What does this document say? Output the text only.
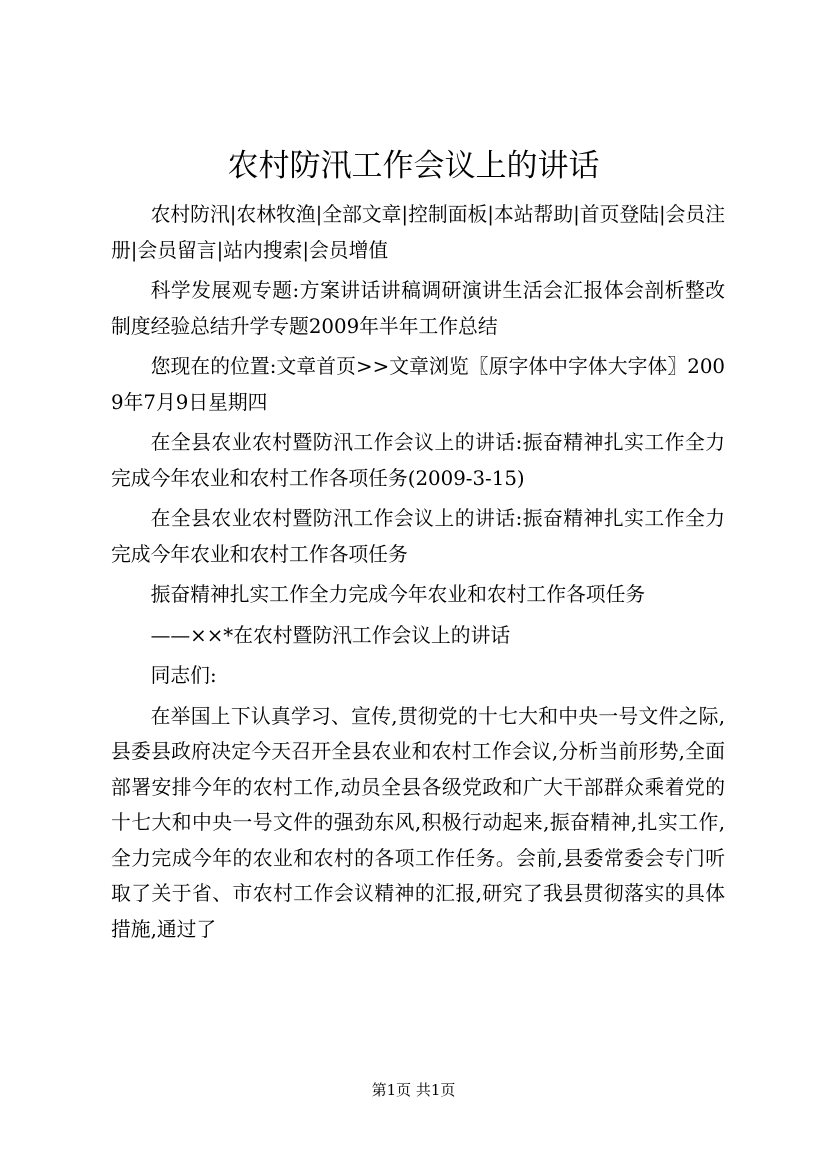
农村防汛工作会议上的讲话

农村防汛|农林牧渔|全部文章|控制面板|本站帮助|首页登陆|会员注册|会员留言|站内搜索|会员增值

科学发展观专题:方案讲话讲稿调研演讲生活会汇报体会剖析整改制度经验总结升学专题2009年半年工作总结

您现在的位置:文章首页>>文章浏览〖原字体中字体大字体〗2009年7月9日星期四

在全县农业农村暨防汛工作会议上的讲话:振奋精神扎实工作全力完成今年农业和农村工作各项任务(2009-3-15)

在全县农业农村暨防汛工作会议上的讲话:振奋精神扎实工作全力完成今年农业和农村工作各项任务

振奋精神扎实工作全力完成今年农业和农村工作各项任务

——××*在农村暨防汛工作会议上的讲话

同志们:

在举国上下认真学习、宣传,贯彻党的十七大和中央一号文件之际,县委县政府决定今天召开全县农业和农村工作会议,分析当前形势,全面部署安排今年的农村工作,动员全县各级党政和广大干部群众乘着党的十七大和中央一号文件的强劲东风,积极行动起来,振奋精神,扎实工作,全力完成今年的农业和农村的各项工作任务。会前,县委常委会专门听取了关于省、市农村工作会议精神的汇报,研究了我县贯彻落实的具体措施,通过了

第1页 共1页
